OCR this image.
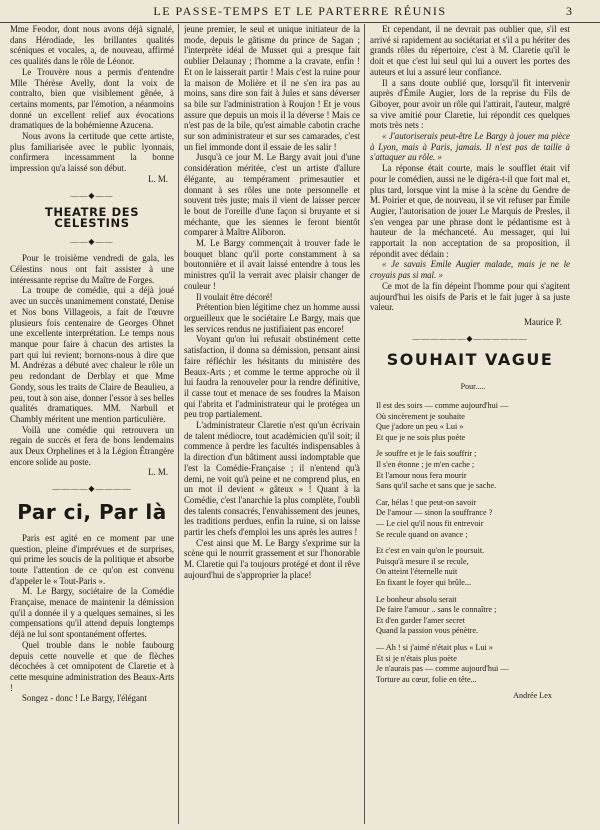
LE PASSE-TEMPS ET LE PARTERRE RÉUNIS	3

Mme Feodor, dont nous avons déjà signalé, dans Hérodiade, les brillantes qualités scéniques et vocales, a, de nouveau, affirmé ces qualités dans le rôle de Léonor.

Le Trouvère nous a permis d'entendre Mlle Thérèse Avelly, dont la voix de contralto, bien que visiblement gênée, à certains moments, par l'émotion, a néanmoins donné un excellent relief aux évocations dramatiques de la bohémienne Azucena.

Nous avons la certitude que cette artiste, plus familiarisée avec le public lyonnais, confirmera incessamment la bonne impression qu'a laissé son début.

L. M.

——◆——
THEATRE DES CELESTINS
——◆——

Pour le troisième vendredi de gala, les Célestins nous ont fait assister à une intéressante reprise du Maître de Forges.

La troupe de comédie, qui a déjà joué avec un succès unanimement constaté, Denise et Nos bons Villageois, a fait de l'œuvre plusieurs fois centenaire de Georges Ohnet une excellente interprétation. Le temps nous manque pour faire à chacun des artistes la part qui lui revient; bornons-nous à dire que M. Andrézas a débuté avec chaleur le rôle un peu redondant de Derblay et que Mme Gondy, sous les traits de Claire de Beaulieu, a peu, tout à son aise, donner l'essor à ses belles qualités dramatiques. MM. Narbull et Chambly méritent une mention particulière.

Voilà une comédie qui retrouvera un regain de succès et fera de bons lendemains aux Deux Orphelines et à la Légion Étrangère encore solide au poste.

L. M.

————◆————
Par ci, Par là

Paris est agité en ce moment par une question, pleine d'imprévues et de surprises, qui prime les soucis de la politique et absorbe toute l'attention de ce qu'on est convenu d'appeler le « Tout-Paris ».

M. Le Bargy, sociétaire de la Comédie Française, menace de maintenir la démission qu'il a donnée il y a quelques semaines, si les compensations qu'il attend depuis longtemps déjà ne lui sont spontanément offertes.

Quel trouble dans le noble faubourg depuis cette nouvelle et que de flèches décochées à cet omnipotent de Claretie et à cette mesquine administration des Beaux-Arts !

Songez - donc ! Le Bargy, l'élégant

jeune premier, le seul et unique initiateur de la mode, depuis le gâtisme du prince de Sagan ; l'interprète idéal de Musset qui a presque fait oublier Delaunay ; l'homme a la cravate, enfin ! Et on le laisserait partir ! Mais c'est la ruine pour la maison de Molière et il ne s'en ira pas au moins, sans dire son fait à Jules et sans déverser sa bile sur l'administration à Roujon ! Et je vous assure que depuis un mois il la déverse ! Mais ce n'est pas de la bile, qu'est aimable cabotin crache sur son administrateur et sur ses camarades, c'est un fiel immonde dont il essaie de les salir !

Jusqu'à ce jour M. Le Bargy avait joui d'une considération méritée, c'est un artiste d'allure élégante, au tempérament primesautier et donnant à ses rôles une note personnelle et souvent très juste; mais il vient de laisser percer le bout de l'oreille d'une façon si bruyante et si méchante, que les siennes le feront bientôt comparer à Maître Aliboron.

M. Le Bargy commençait à trouver fade le bouquet blanc qu'il porte constamment à sa boutonnière et il avait laissé entendre à tous les ministres qu'il la verrait avec plaisir changer de couleur !

Il voulait être décoré!

Prétention bien légitime chez un homme aussi orgueilleux que le sociétaire Le Bargy, mais que les services rendus ne justifiaient pas encore!

Voyant qu'on lui refusait obstinément cette satisfaction, il donna sa démission, pensant ainsi faire réfléchir les hésitants du ministère des Beaux-Arts ; et comme le terme approche où il lui faudra la renouveler pour la rendre définitive, il casse tout et menace de ses foudres la Maison qui l'abrita et l'administrateur qui le protégea un peu trop partialement.

L'administrateur Claretie n'est qu'un écrivain de talent médiocre, tout académicien qu'il soit; il commence à perdre les facultés indispensables à la direction d'un bâtiment aussi indomptable que l'est la Comédie-Française ; il n'entend qu'à demi, ne voit qu'à peine et ne comprend plus, en un mot il devient « gâteux » ! Quant à la Comédie, c'est l'anarchie la plus complète, l'oubli des talents consacrés, l'envahissement des jeunes, les traditions perdues, enfin la ruine, si on laisse partir les chefs d'emploi les uns après les autres !

C'est ainsi que M. Le Bargy s'exprime sur la scène qui le nourrit grassement et sur l'honorable M. Claretie qui l'a toujours protégé et dont il rêve aujourd'hui de s'approprier la place!

Et cependant, il ne devrait pas oublier que, s'il est arrivé si rapidement au sociétariat et s'il a pu hériter des grands rôles du répertoire, c'est à M. Claretie qu'il le doit et que c'est lui seul qui lui a ouvert les portes des auteurs et lui a assuré leur confiance.

Il a sans doute oublié que, lorsqu'il fit intervenir auprès d'Émile Augier, lors de la reprise du Fils de Giboyer, pour avoir un rôle qui l'attirait, l'auteur, malgré sa vive amitié pour Claretie, lui répondit ces quelques mots très nets :

« J'autoriserais peut-être Le Bargy à jouer ma pièce à Lyon, mais à Paris, jamais. Il n'est pas de taille à s'attaquer au rôle. »

La réponse était courte, mais le soufflet était vif pour le comédien, aussi ne le digéra-t-il que fort mal et, plus tard, lorsque vint la mise à la scène du Gendre de M. Poirier et que, de nouveau, il se vit refuser par Emile Augier, l'autorisation de jouer Le Marquis de Presles, il s'en vengea par une phrase dont le pédantisme est à hauteur de la méchanceté. Au messager, qui lui rapportait la non acceptation de sa proposition, il répondit avec dédain :

« Je savais Emile Augier malade, mais je ne le croyais pas si mal. »

Ce mot de la fin dépeint l'homme pour qui s'agitent aujourd'hui les oisifs de Paris et le fait juger à sa juste valeur.

Maurice P.

——————◆——————
SOUHAIT VAGUE
Pour.....
Il est des soirs — comme aujourd'hui —
Où sincèrement je souhaite
Que j'adore un peu « Lui »
Et que je ne sois plus poète
Je souffre et je le fais souffrir ;
Il s'en étonne ; je m'en cache ;
Et l'amour nous fera mourir
Sans qu'il sache et sans que je sache.
Car, hélas ! que peut-on savoir
De l'amour — sinon la souffrance ?
— Le ciel qu'il nous fit entrevoir
Se recule quand on avance ;
Et c'est en vain qu'on le poursuit.
Puisqu'à mesure il se recule,
On atteint l'éternelle nuit
En fixant le foyer qui brûle...
Le bonheur absolu serait
De faire l'amour .. sans le connaître ;
Et d'en garder l'amer secret
Quand la passion vous pénètre.
— Ah ! si j'aimé n'était plus « Lui »
Et si je n'étais plus poète
Je n'aurais pas — comme aujourd'hui —
Torture au cœur, folie en tête...
Andrée Lex
